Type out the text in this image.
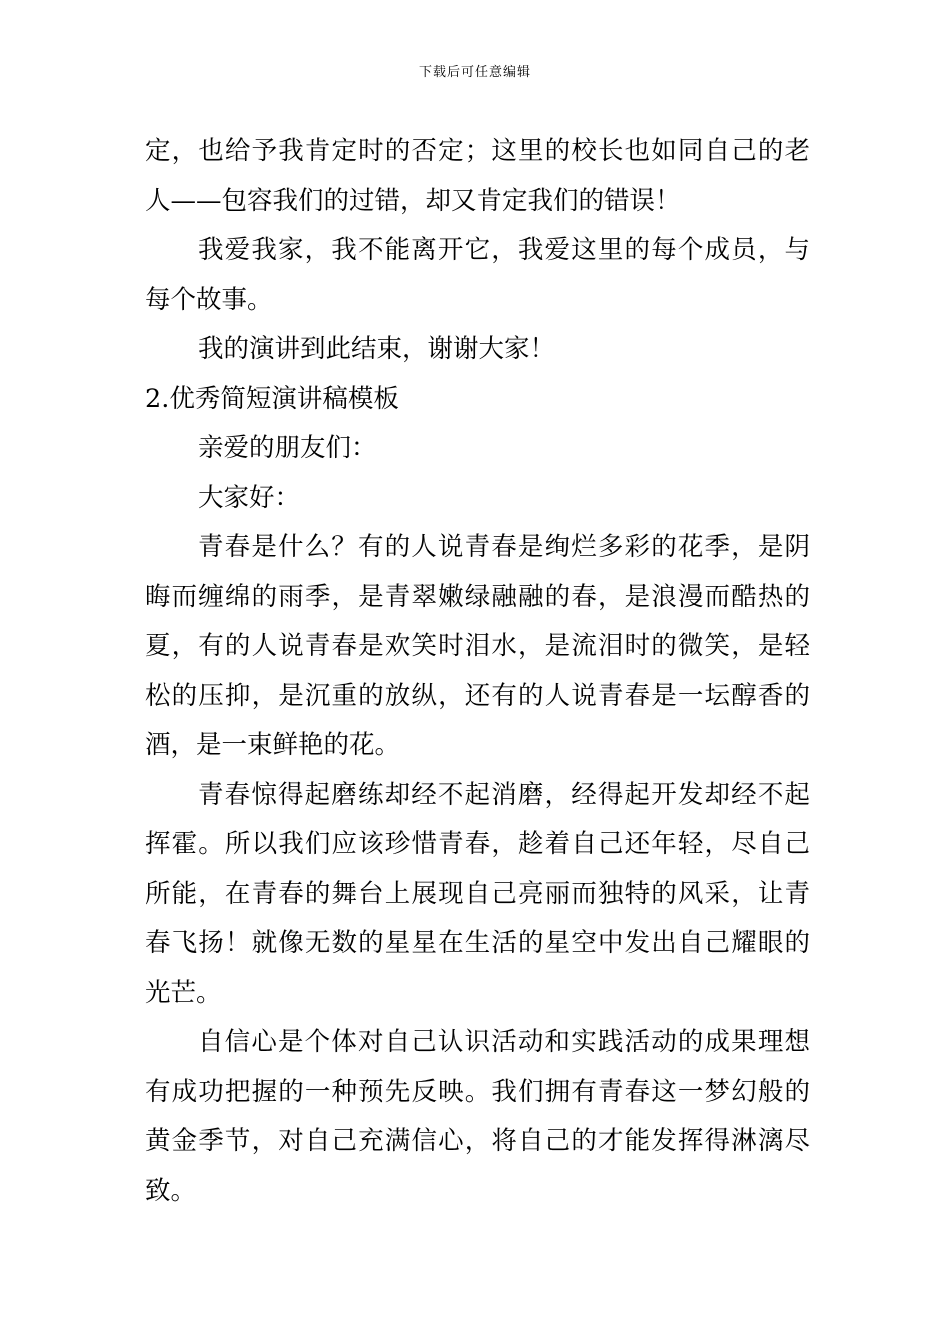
下载后可任意编辑
定，也给予我肯定时的否定；这里的校长也如同自己的老
人——包容我们的过错，却又肯定我们的错误！
我爱我家，我不能离开它，我爱这里的每个成员，与
每个故事。
我的演讲到此结束，谢谢大家！
2.优秀简短演讲稿模板
亲爱的朋友们：
大家好：
青春是什么？有的人说青春是绚烂多彩的花季，是阴
晦而缠绵的雨季，是青翠嫩绿融融的春，是浪漫而酷热的
夏，有的人说青春是欢笑时泪水，是流泪时的微笑，是轻
松的压抑，是沉重的放纵，还有的人说青春是一坛醇香的
酒，是一束鲜艳的花。
青春惊得起磨练却经不起消磨，经得起开发却经不起
挥霍。所以我们应该珍惜青春，趁着自己还年轻，尽自己
所能，在青春的舞台上展现自己亮丽而独特的风采，让青
春飞扬！就像无数的星星在生活的星空中发出自己耀眼的
光芒。
自信心是个体对自己认识活动和实践活动的成果理想
有成功把握的一种预先反映。我们拥有青春这一梦幻般的
黄金季节，对自己充满信心，将自己的才能发挥得淋漓尽
致。
